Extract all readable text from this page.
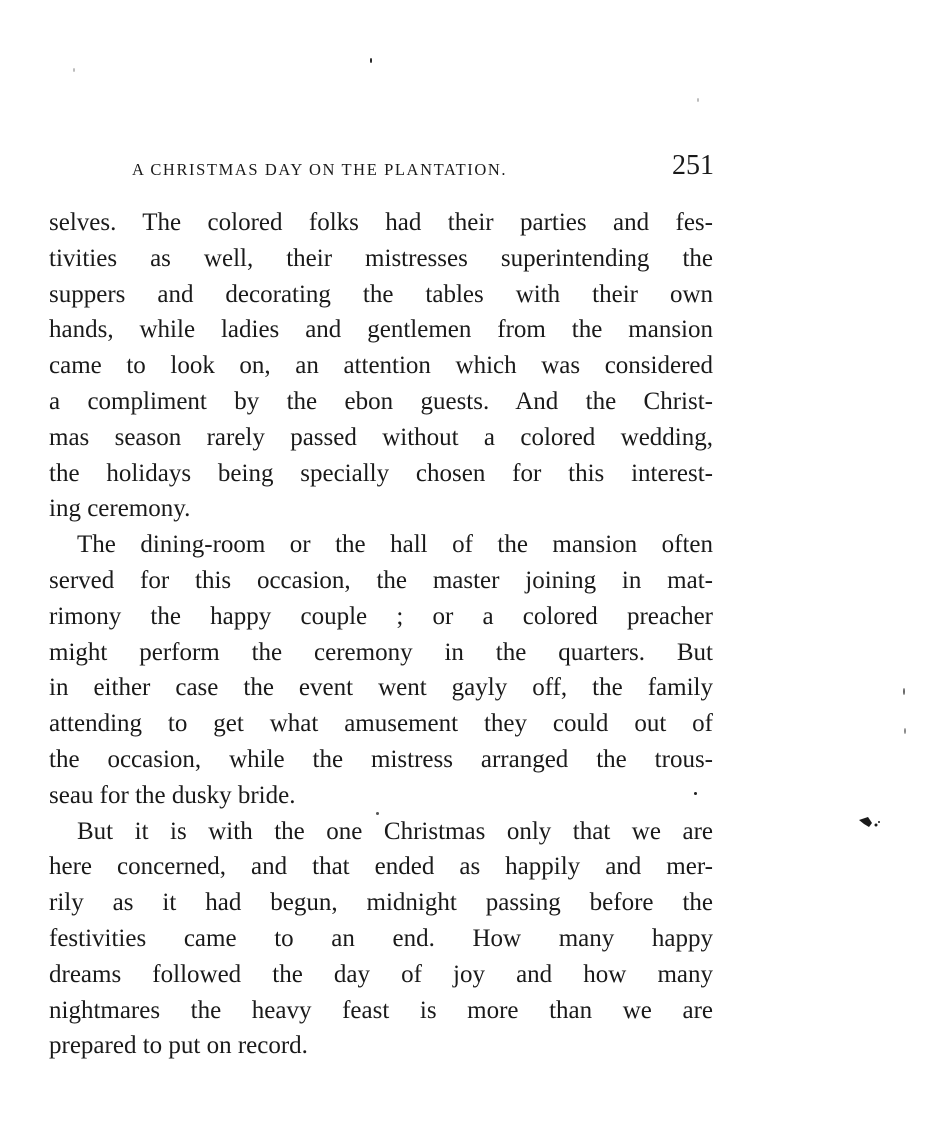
A CHRISTMAS DAY ON THE PLANTATION.	251
selves. The colored folks had their parties and fes-
tivities as well, their mistresses superintending the
suppers and decorating the tables with their own
hands, while ladies and gentlemen from the mansion
came to look on, an attention which was considered
a compliment by the ebon guests. And the Christ-
mas season rarely passed without a colored wedding,
the holidays being specially chosen for this interest-
ing ceremony.
The dining-room or the hall of the mansion often
served for this occasion, the master joining in mat-
rimony the happy couple ; or a colored preacher
might perform the ceremony in the quarters. But
in either case the event went gayly off, the family
attending to get what amusement they could out of
the occasion, while the mistress arranged the trous-
seau for the dusky bride.
But it is with the one Christmas only that we are
here concerned, and that ended as happily and mer-
rily as it had begun, midnight passing before the
festivities came to an end. How many happy
dreams followed the day of joy and how many
nightmares the heavy feast is more than we are
prepared to put on record.
